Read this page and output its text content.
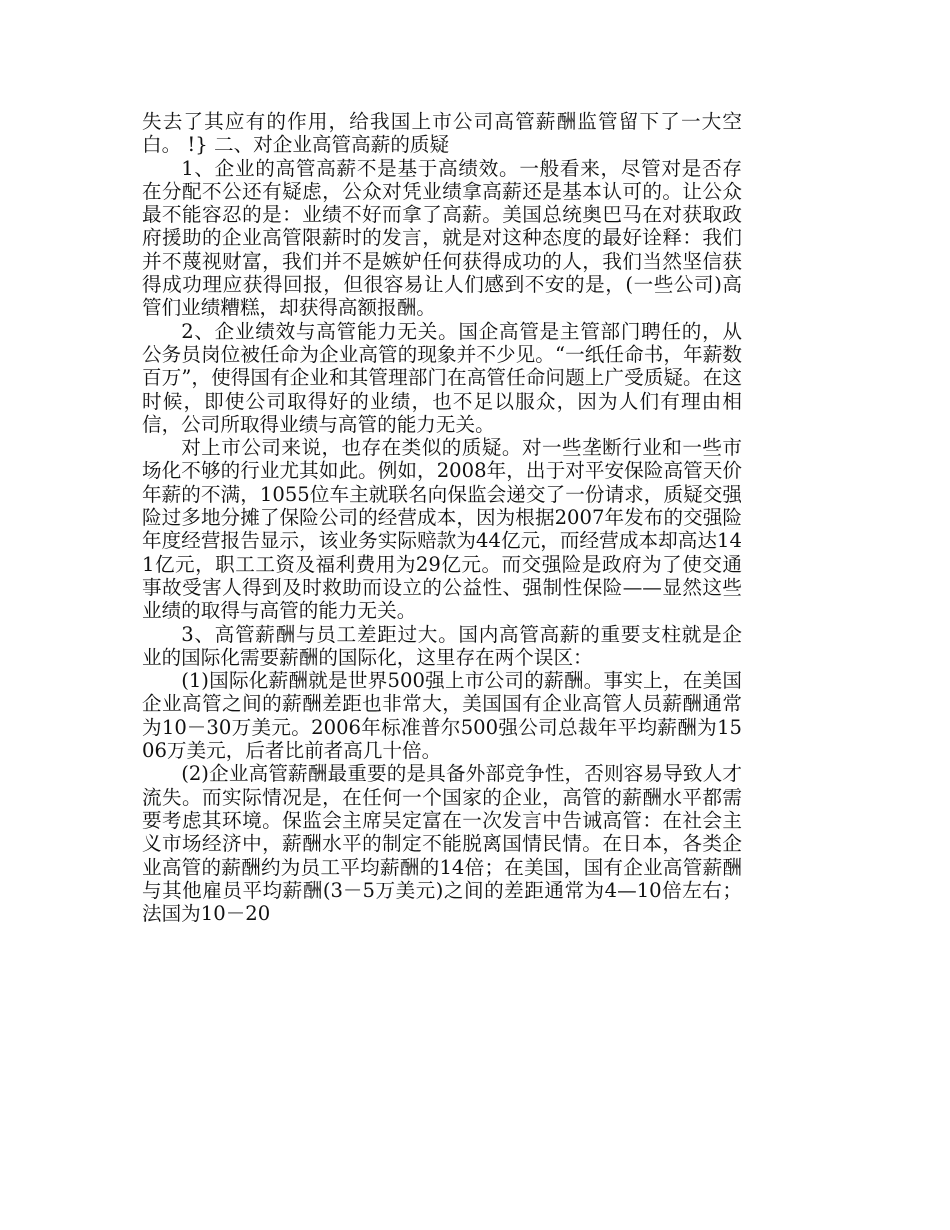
失去了其应有的作用，给我国上市公司高管薪酬监管留下了一大空白。 !} 二、对企业高管高薪的质疑

1、企业的高管高薪不是基于高绩效。一般看来，尽管对是否存在分配不公还有疑虑，公众对凭业绩拿高薪还是基本认可的。让公众最不能容忍的是：业绩不好而拿了高薪。美国总统奥巴马在对获取政府援助的企业高管限薪时的发言，就是对这种态度的最好诠释：我们并不蔑视财富，我们并不是嫉妒任何获得成功的人，我们当然坚信获得成功理应获得回报，但很容易让人们感到不安的是，(一些公司)高管们业绩糟糕，却获得高额报酬。

2、企业绩效与高管能力无关。国企高管是主管部门聘任的，从公务员岗位被任命为企业高管的现象并不少见。“一纸任命书，年薪数百万”，使得国有企业和其管理部门在高管任命问题上广受质疑。在这时候，即使公司取得好的业绩，也不足以服众，因为人们有理由相信，公司所取得业绩与高管的能力无关。

对上市公司来说，也存在类似的质疑。对一些垄断行业和一些市场化不够的行业尤其如此。例如，2008年，出于对平安保险高管天价年薪的不满，1055位车主就联名向保监会递交了一份请求，质疑交强险过多地分摊了保险公司的经营成本，因为根据2007年发布的交强险年度经营报告显示，该业务实际赔款为44亿元，而经营成本却高达141亿元，职工工资及福利费用为29亿元。而交强险是政府为了使交通事故受害人得到及时救助而设立的公益性、强制性保险——显然这些业绩的取得与高管的能力无关。

3、高管薪酬与员工差距过大。国内高管高薪的重要支柱就是企业的国际化需要薪酬的国际化，这里存在两个误区：

(1)国际化薪酬就是世界500强上市公司的薪酬。事实上，在美国企业高管之间的薪酬差距也非常大，美国国有企业高管人员薪酬通常为10－30万美元。2006年标准普尔500强公司总裁年平均薪酬为1506万美元，后者比前者高几十倍。

(2)企业高管薪酬最重要的是具备外部竞争性，否则容易导致人才流失。而实际情况是，在任何一个国家的企业，高管的薪酬水平都需要考虑其环境。保监会主席吴定富在一次发言中告诫高管：在社会主义市场经济中，薪酬水平的制定不能脱离国情民情。在日本，各类企业高管的薪酬约为员工平均薪酬的14倍；在美国，国有企业高管薪酬与其他雇员平均薪酬(3－5万美元)之间的差距通常为4—10倍左右；法国为10－20
